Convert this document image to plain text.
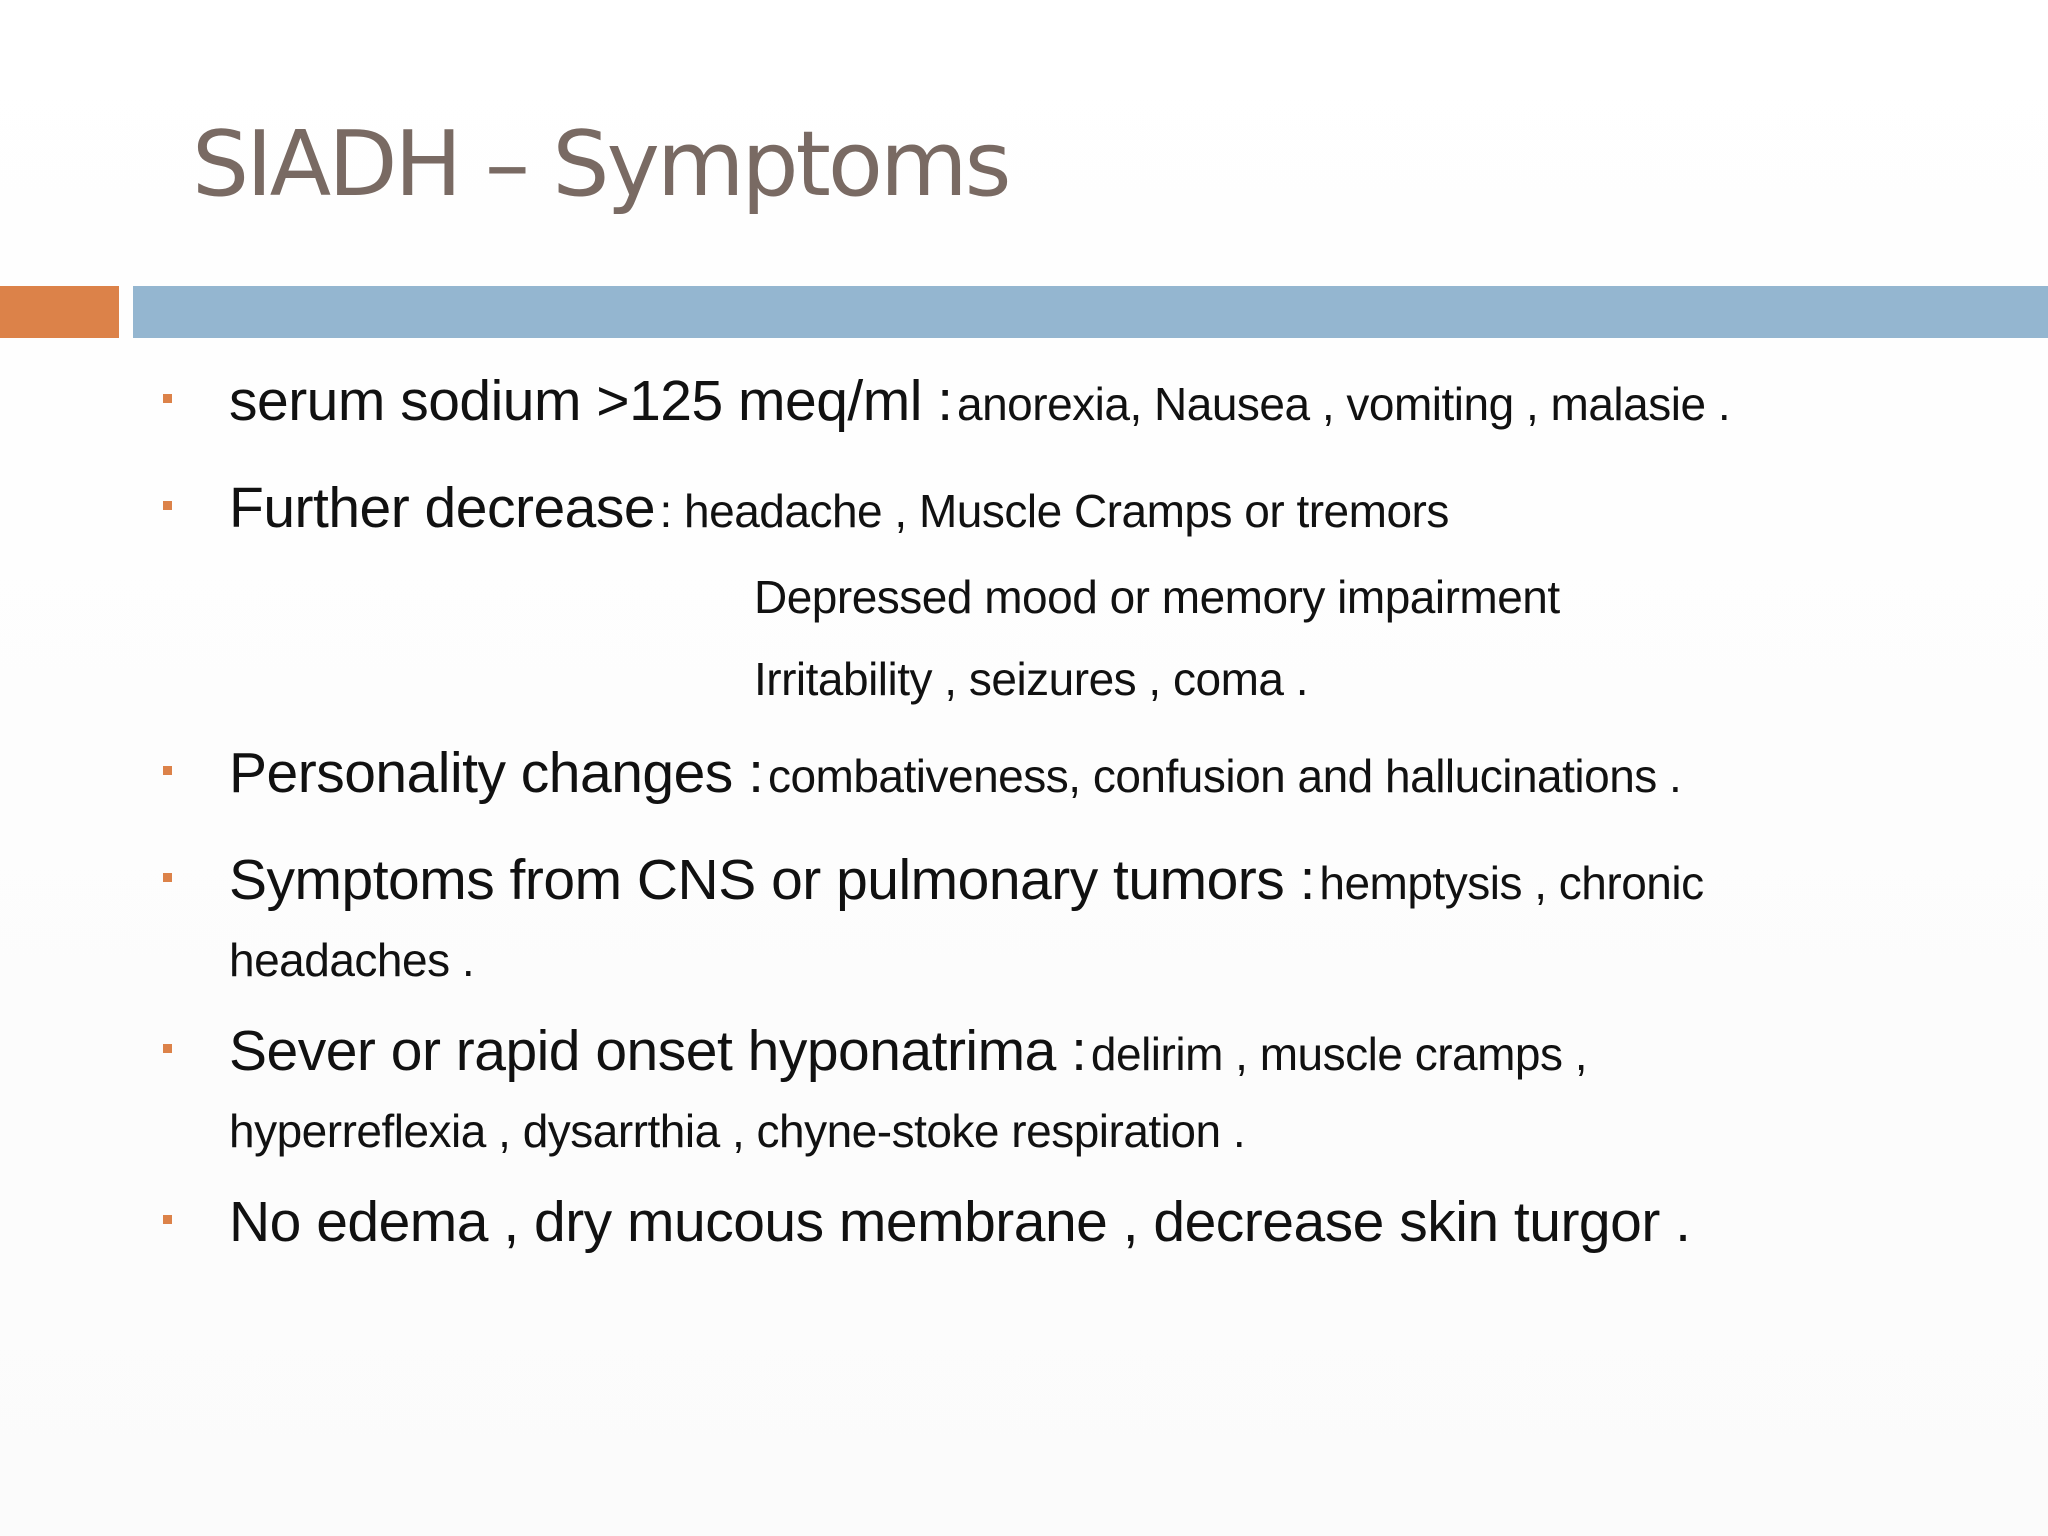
SIADH – Symptoms
serum sodium >125 meq/ml : anorexia, Nausea , vomiting , malasie .
Further decrease : headache , Muscle Cramps or tremors
Depressed mood or memory impairment
Irritability , seizures , coma .
Personality changes : combativeness, confusion and hallucinations .
Symptoms from CNS or pulmonary tumors : hemptysis , chronic
headaches .
Sever or rapid onset hyponatrima : delirim , muscle cramps ,
hyperreflexia , dysarrthia , chyne-stoke respiration .
No edema , dry mucous membrane , decrease skin turgor .
